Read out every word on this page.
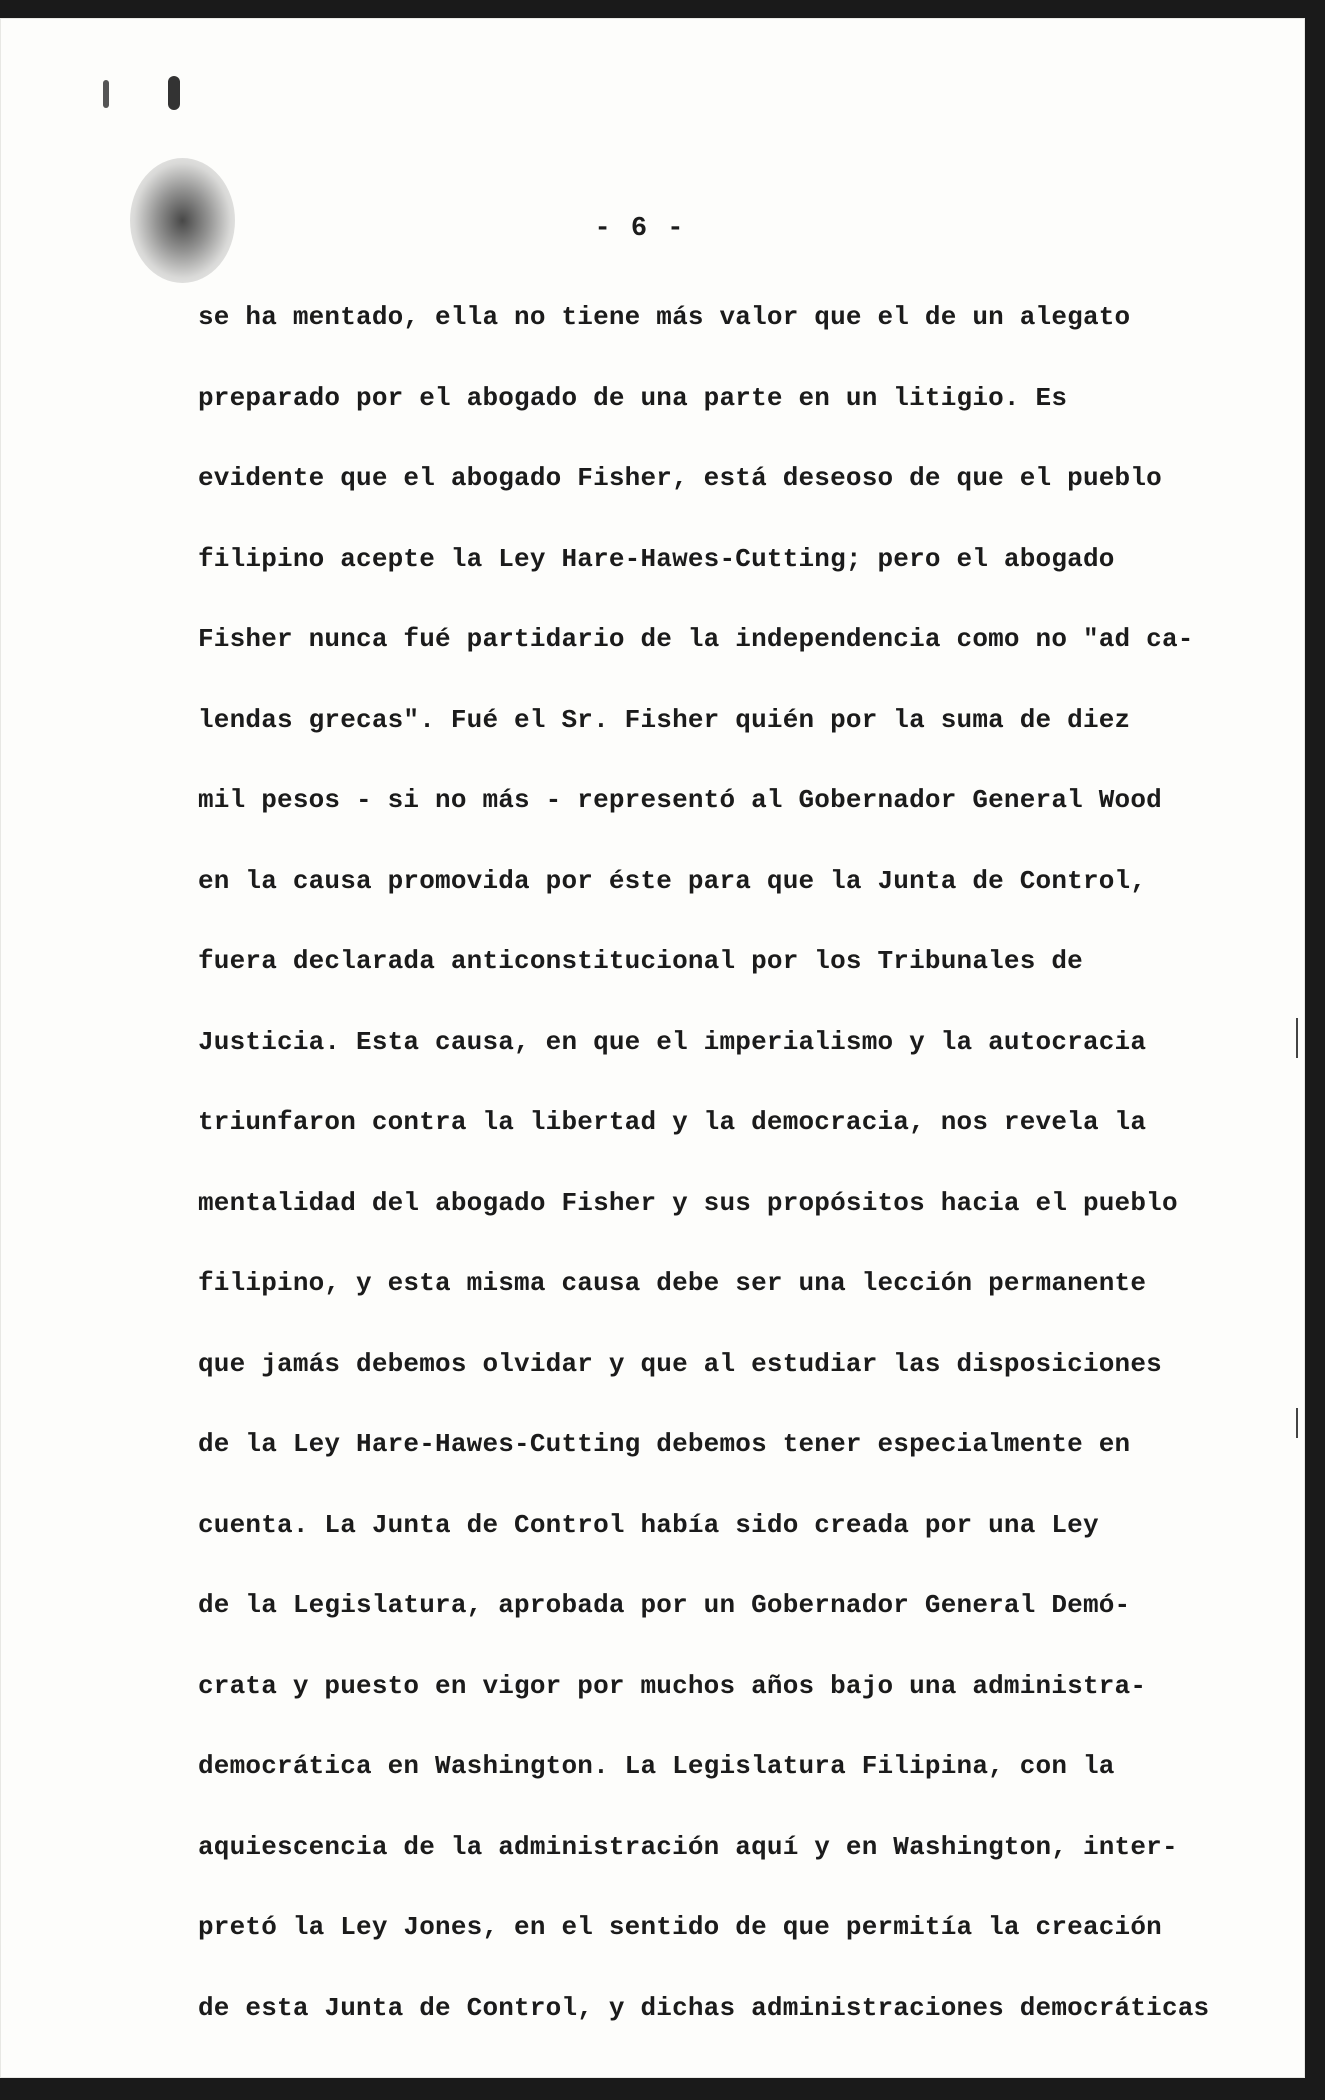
- 6 -
se ha mentado, ella no tiene más valor que el de un alegato
preparado por el abogado de una parte en un litigio. Es
evidente que el abogado Fisher, está deseoso de que el pueblo
filipino acepte la Ley Hare-Hawes-Cutting; pero el abogado
Fisher nunca fué partidario de la independencia como no "ad ca-
lendas grecas". Fué el Sr. Fisher quién por la suma de diez
mil pesos - si no más - representó al Gobernador General Wood
en la causa promovida por éste para que la Junta de Control,
fuera declarada anticonstitucional por los Tribunales de
Justicia. Esta causa, en que el imperialismo y la autocracia
triunfaron contra la libertad y la democracia, nos revela la
mentalidad del abogado Fisher y sus propósitos hacia el pueblo
filipino, y esta misma causa debe ser una lección permanente
que jamás debemos olvidar y que al estudiar las disposiciones
de la Ley Hare-Hawes-Cutting debemos tener especialmente en
cuenta. La Junta de Control había sido creada por una Ley
de la Legislatura, aprobada por un Gobernador General Demó-
crata y puesto en vigor por muchos años bajo una administra-
democrática en Washington. La Legislatura Filipina, con la
aquiescencia de la administración aquí y en Washington, inter-
pretó la Ley Jones, en el sentido de que permitía la creación
de esta Junta de Control, y dichas administraciones democráticas
